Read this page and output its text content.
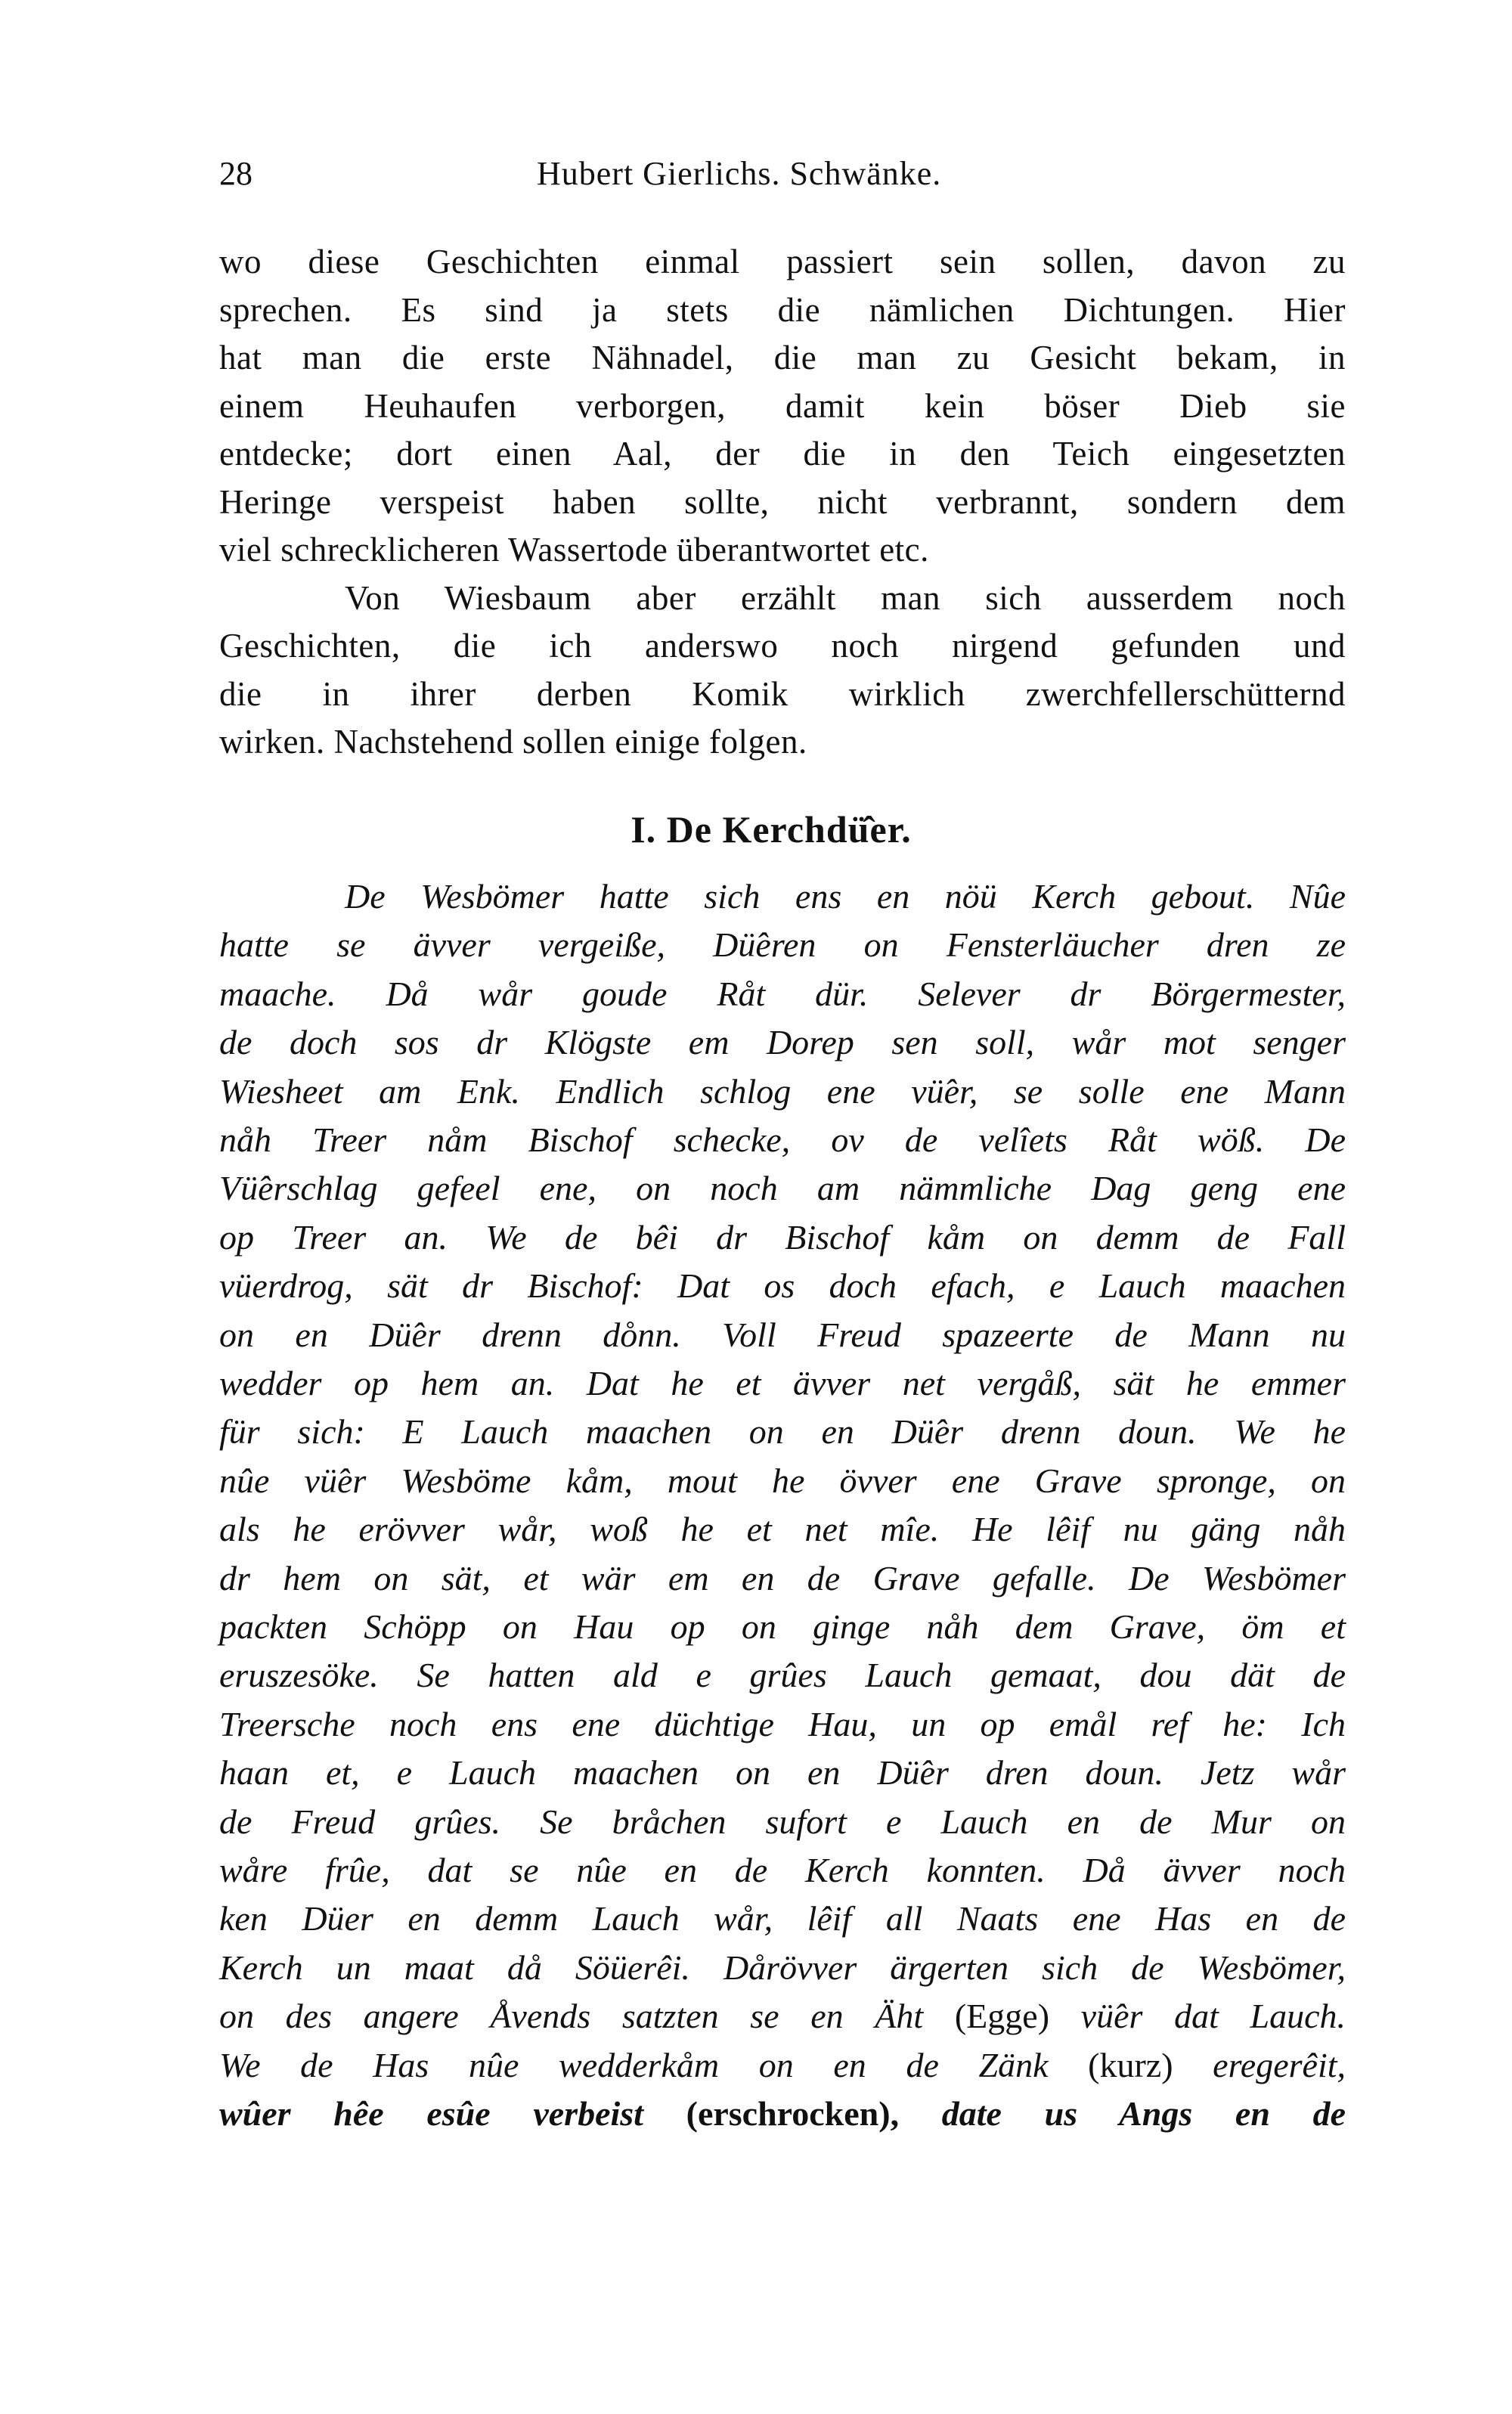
28	Hubert Gierlichs. Schwänke.
wo diese Geschichten einmal passiert sein sollen, davon zu
sprechen. Es sind ja stets die nämlichen Dichtungen. Hier
hat man die erste Nähnadel, die man zu Gesicht bekam, in
einem Heuhaufen verborgen, damit kein böser Dieb sie
entdecke; dort einen Aal, der die in den Teich eingesetzten
Heringe verspeist haben sollte, nicht verbrannt, sondern dem
viel schrecklicheren Wassertode überantwortet etc.
Von Wiesbaum aber erzählt man sich ausserdem noch
Geschichten, die ich anderswo noch nirgend gefunden und
die in ihrer derben Komik wirklich zwerchfellerschütternd
wirken. Nachstehend sollen einige folgen.
I. De Kerchdü̂er.
De Wesbömer hatte sich ens en nöü Kerch gebout. Nûe
hatte se ävver vergeiße, Dü̂eren on Fensterläucher dren ze
maache. Då wår goude Råt dür. Selever dr Börgermester,
de doch sos dr Klögste em Dorep sen soll, wår mot senger
Wiesheet am Enk. Endlich schlog ene vü̂er, se solle ene Mann
nåh Treer nåm Bischof schecke, ov de velîets Råt wöß. De
Vü̂erschlag gefeel ene, on noch am nämmliche Dag geng ene
op Treer an. We de bêi dr Bischof kåm on demm de Fall
vüerdrog, sät dr Bischof: Dat os doch efach, e Lauch maachen
on en Dü̂er drenn do̊nn. Voll Freud spazeerte de Mann nu
wedder op hem an. Dat he et ävver net vergåß, sät he emmer
für sich: E Lauch maachen on en Dü̂er drenn doun. We he
nûe vü̂er Wesböme kåm, mout he övver ene Grave spronge, on
als he erövver wår, woß he et net mîe. He lêif nu gäng nåh
dr hem on sät, et wär em en de Grave gefalle. De Wesbömer
packten Schöpp on Hau op on ginge nåh dem Grave, öm et
eruszesöke. Se hatten ald e grûes Lauch gemaat, dou dät de
Treersche noch ens ene düchtige Hau, un op emål ref he: Ich
haan et, e Lauch maachen on en Dü̂er dren doun. Jetz wår
de Freud grûes. Se bråchen sufort e Lauch en de Mur on
wåre frûe, dat se nûe en de Kerch konnten. Då ävver noch
ken Düer en demm Lauch wår, lêif all Naats ene Has en de
Kerch un maat då Söüerêi. Dårövver ärgerten sich de Wesbömer,
on des angere Åvends satzten se en Äht (Egge) vü̂er dat Lauch.
We de Has nûe wedderkåm on en de Zänk (kurz) eregerêit,
wûer hêe esûe verbeist (erschrocken), date us Angs en de
